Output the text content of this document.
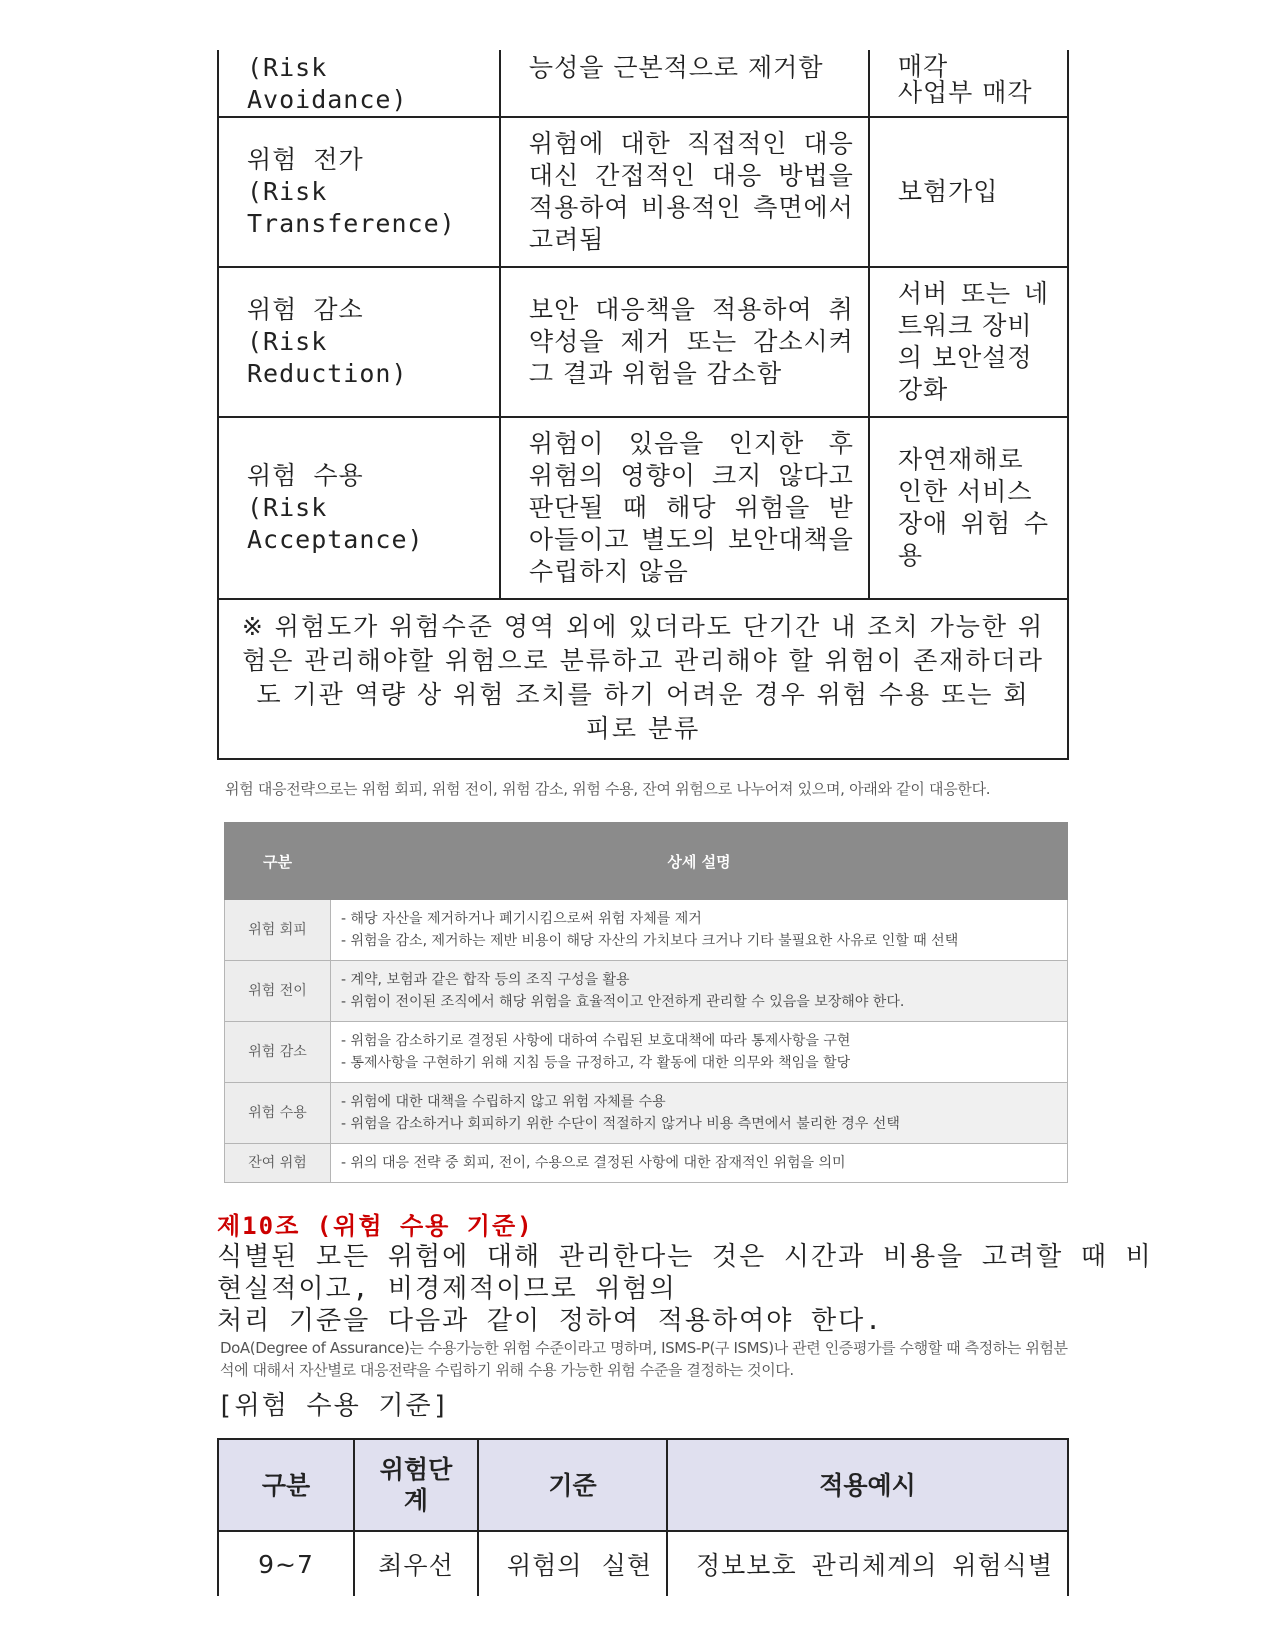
(Risk Avoidance)	능성을 근본적으로 제거함	매각
사업부 매각

위험 전가
(Risk Transference)	위험에 대한 직접적인 대응
대신 간접적인 대응 방법을
적용하여 비용적인 측면에서
고려됨	보험가입

위험 감소
(Risk Reduction)	보안 대응책을 적용하여 취
약성을 제거 또는 감소시켜
그 결과 위험을 감소함	서버 또는 네
트워크 장비
의 보안설정
강화

위험 수용
(Risk Acceptance)	위험이 있음을 인지한 후
위험의 영향이 크지 않다고
판단될 때 해당 위험을 받
아들이고 별도의 보안대책을
수립하지 않음	자연재해로
인한 서비스
장애 위험 수
용

※ 위험도가 위험수준 영역 외에 있더라도 단기간 내 조치 가능한 위
험은 관리해야할 위험으로 분류하고 관리해야 할 위험이 존재하더라
도 기관 역량 상 위험 조치를 하기 어려운 경우 위험 수용 또는 회
피로 분류		
위험 대응전략으로는 위험 회피, 위험 전이, 위험 감소, 위험 수용, 잔여 위험으로 나누어져 있으며, 아래와 같이 대응한다.
구분	상세 설명
위험 회피	- 해당 자산을 제거하거나 폐기시킴으로써 위험 자체를 제거
- 위험을 감소, 제거하는 제반 비용이 해당 자산의 가치보다 크거나 기타 불필요한 사유로 인할 때 선택

위험 전이	- 계약, 보험과 같은 합작 등의 조직 구성을 활용
- 위험이 전이된 조직에서 해당 위험을 효율적이고 안전하게 관리할 수 있음을 보장해야 한다.

위험 감소	- 위험을 감소하기로 결정된 사항에 대하여 수립된 보호대책에 따라 통제사항을 구현
- 통제사항을 구현하기 위해 지침 등을 규정하고, 각 활동에 대한 의무와 책임을 할당

위험 수용	- 위험에 대한 대책을 수립하지 않고 위험 자체를 수용
- 위험을 감소하거나 회피하기 위한 수단이 적절하지 않거나 비용 측면에서 불리한 경우 선택

잔여 위험	- 위의 대응 전략 중 회피, 전이, 수용으로 결정된 사항에 대한 잠재적인 위험을 의미
제10조 (위험 수용 기준)
식별된 모든 위험에 대해 관리한다는 것은 시간과 비용을 고려할 때 비
현실적이고, 비경제적이므로 위험의
처리 기준을 다음과 같이 정하여 적용하여야 한다.
DoA(Degree of Assurance)는 수용가능한 위험 수준이라고 명하며, ISMS-P(구 ISMS)나 관련 인증평가를 수행할 때 측정하는 위험분석에 대해서 자산별로 대응전략을 수립하기 위해 수용 가능한 위험 수준을 결정하는 것이다.
[위험 수용 기준]
구분	위험단계	기준	적용예시
9~7	최우선	위험의 실현	정보보호 관리체계의 위험식별
